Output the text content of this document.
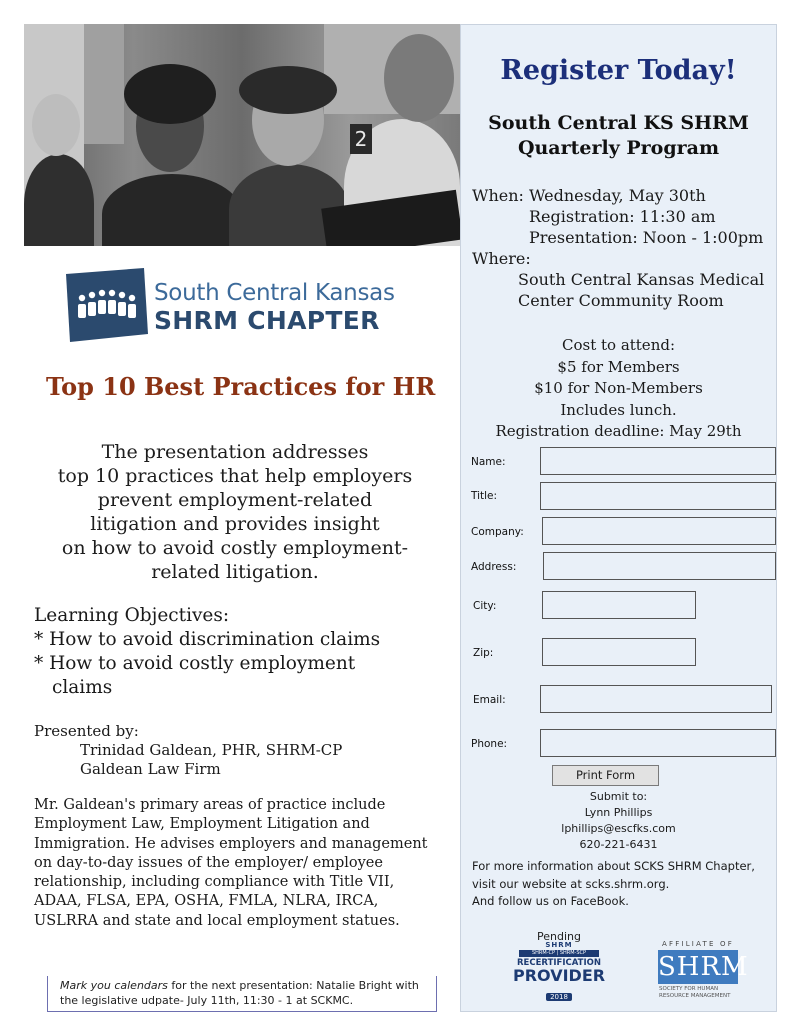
2
South Central Kansas
SHRM CHAPTER
Top 10 Best Practices for HR
The presentation addresses
top 10 practices that help employers
prevent employment-related
litigation and provides insight
on how to avoid costly employment-
related litigation.
Learning Objectives:
* How to avoid discrimination claims
* How to avoid costly employment
claims
Presented by:
Trinidad Galdean, PHR, SHRM-CP
Galdean Law Firm
Mr. Galdean's primary areas of practice include Employment Law, Employment Litigation and Immigration. He advises employers and management on day-to-day issues of the employer/ employee relationship, including compliance with Title VII, ADAA, FLSA, EPA, OSHA, FMLA, NLRA, IRCA, USLRRA and state and local employment statues.
Mark you calendars for the next presentation: Natalie Bright with the legislative udpate- July 11th, 11:30 - 1 at SCKMC.
Register Today!
South Central KS SHRM
Quarterly Program
When: Wednesday, May 30th
Registration: 11:30 am
Presentation: Noon - 1:00pm
Where:
South Central Kansas Medical
Center Community Room
Cost to attend:
$5 for Members
$10 for Non-Members
Includes lunch.
Registration deadline: May 29th
Name:
Title:
Company:
Address:
City:
Zip:
Email:
Phone:
Print Form
Submit to:
Lynn Phillips
lphillips@escfks.com
620-221-6431
For more information about SCKS SHRM Chapter,
visit our website at scks.shrm.org.
And follow us on FaceBook.
Pending
SHRM
SHRM-CP | SHRM-SCP
RECERTIFICATION
PROVIDER
2018
AFFILIATE OF
SHRM
SOCIETY FOR HUMAN
RESOURCE MANAGEMENT
